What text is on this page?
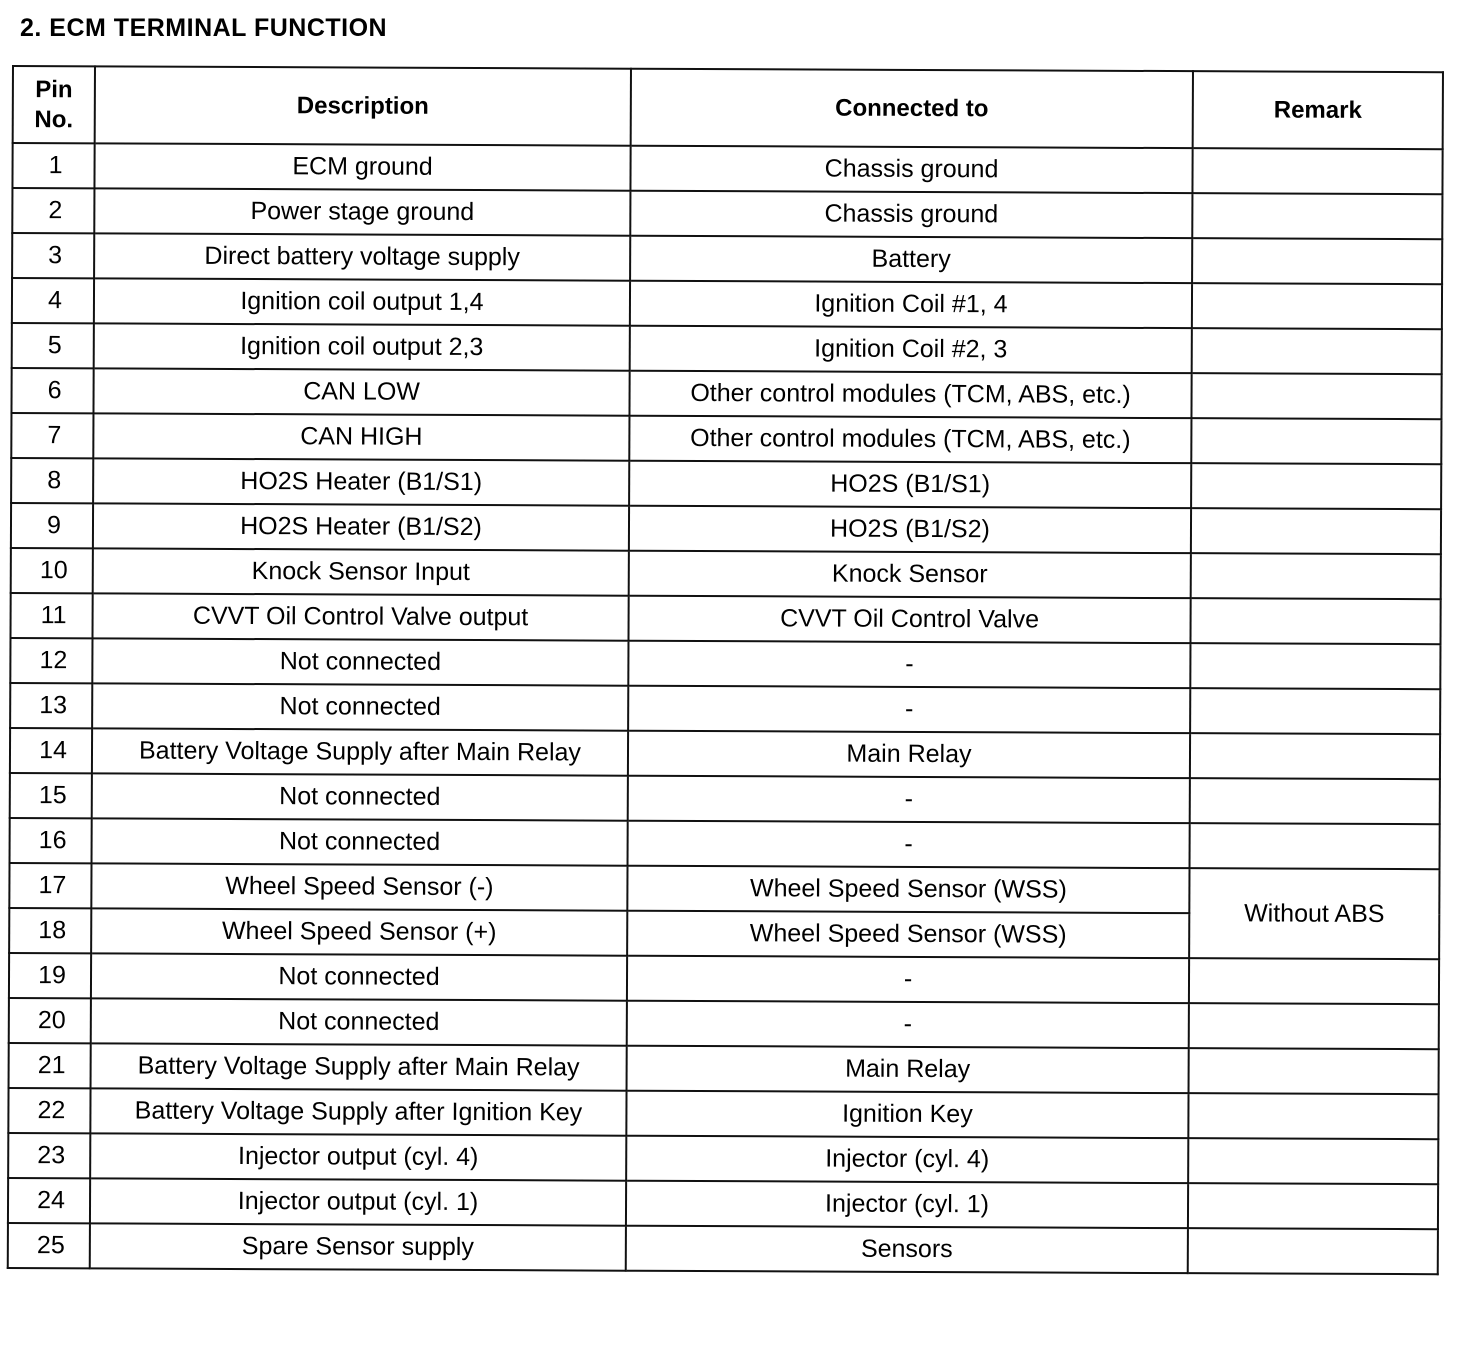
2. ECM TERMINAL FUNCTION
Pin
No.	Description	Connected to	Remark
1	ECM ground	Chassis ground	
2	Power stage ground	Chassis ground	
3	Direct battery voltage supply	Battery	
4	Ignition coil output 1,4	Ignition Coil #1, 4	
5	Ignition coil output 2,3	Ignition Coil #2, 3	
6	CAN LOW	Other control modules (TCM, ABS, etc.)	
7	CAN HIGH	Other control modules (TCM, ABS, etc.)	
8	HO2S Heater (B1/S1)	HO2S (B1/S1)	
9	HO2S Heater (B1/S2)	HO2S (B1/S2)	
10	Knock Sensor Input	Knock Sensor	
11	CVVT Oil Control Valve output	CVVT Oil Control Valve	
12	Not connected	-	
13	Not connected	-	
14	Battery Voltage Supply after Main Relay	Main Relay	
15	Not connected	-	
16	Not connected	-	
17	Wheel Speed Sensor (-)	Wheel Speed Sensor (WSS)	Without ABS
18	Wheel Speed Sensor (+)	Wheel Speed Sensor (WSS)	
19	Not connected	-	
20	Not connected	-	
21	Battery Voltage Supply after Main Relay	Main Relay	
22	Battery Voltage Supply after Ignition Key	Ignition Key	
23	Injector output (cyl. 4)	Injector (cyl. 4)	
24	Injector output (cyl. 1)	Injector (cyl. 1)	
25	Spare Sensor supply	Sensors	
